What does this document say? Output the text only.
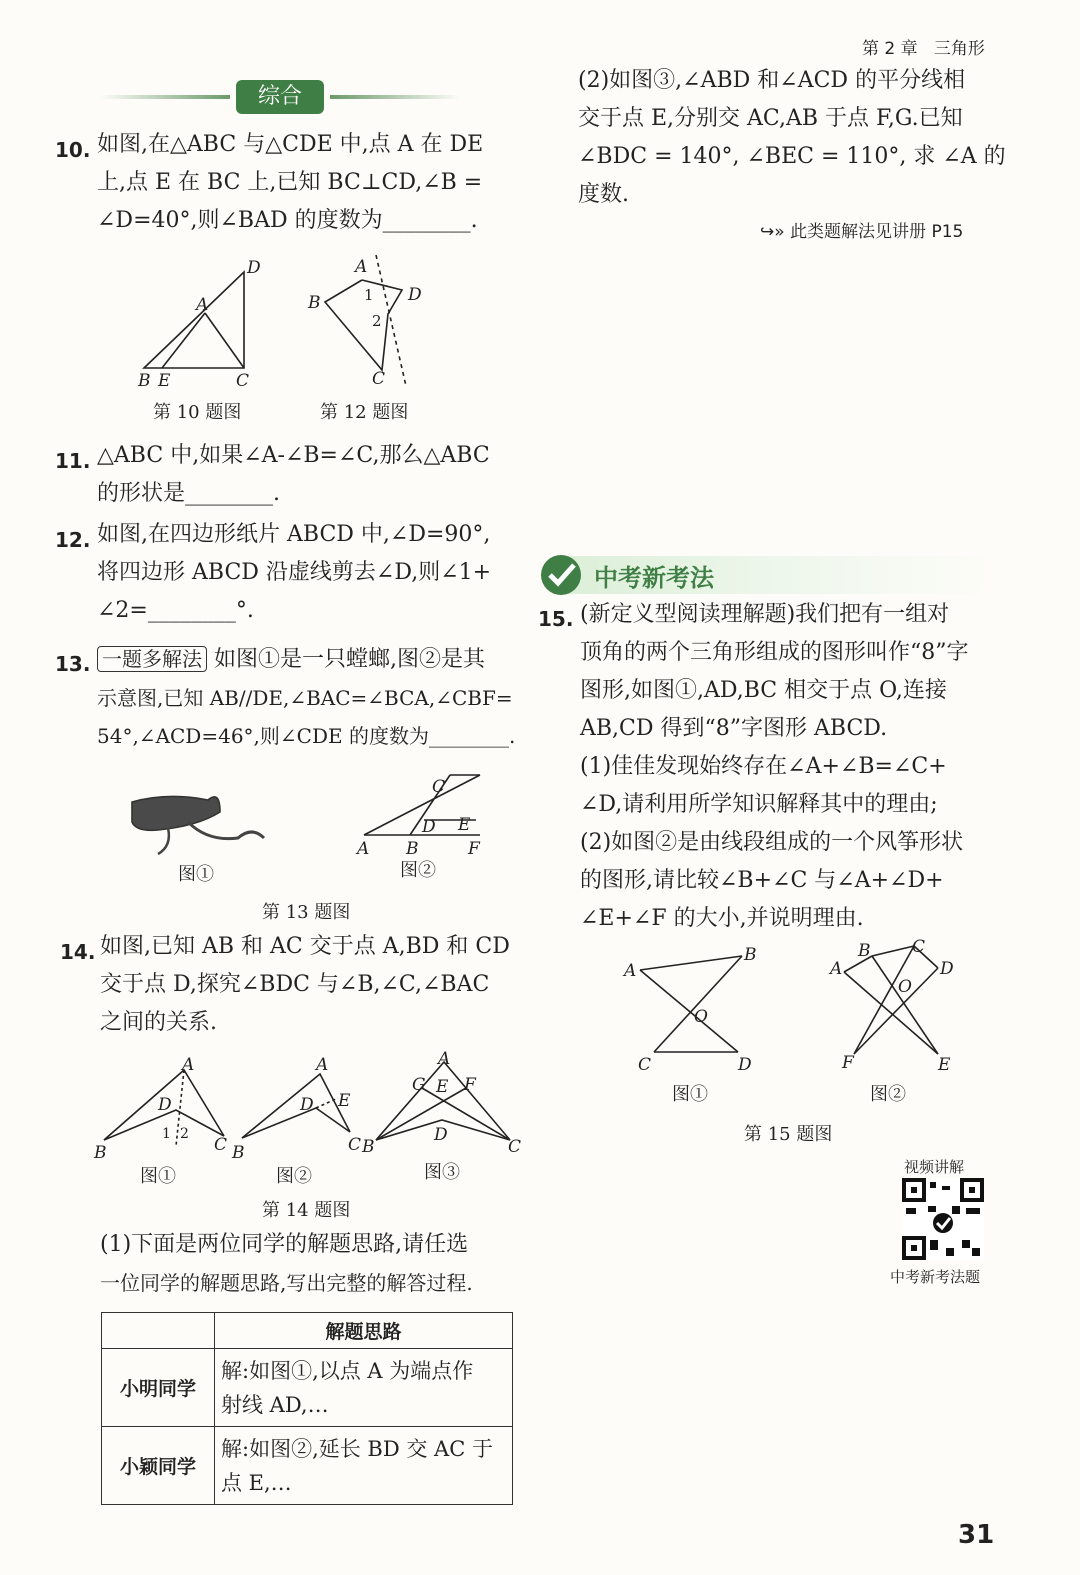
第 2 章 三角形
综合
10. 如图,在△ABC 与△CDE 中,点 A 在 DE
上,点 E 在 BC 上,已知 BC⊥CD,∠B =
∠D=40°,则∠BAD 的度数为________.
D
A
B E	C
第 10 题图
A
B	D
C
1
2
第 12 题图
11. △ABC 中,如果∠A-∠B=∠C,那么△ABC
的形状是________.
12. 如图,在四边形纸片 ABCD 中,∠D=90°,
将四边形 ABCD 沿虚线剪去∠D,则∠1+
∠2=________°.
13. 一题多解法 如图①是一只螳螂,图②是其
示意图,已知 AB//DE,∠BAC=∠BCA,∠CBF=
54°,∠ACD=46°,则∠CDE 的度数为________.
图①
C
D E
A B	F
图②
第 13 题图
14. 如图,已知 AB 和 AC 交于点 A,BD 和 CD
交于点 D,探究∠BDC 与∠B,∠C,∠BAC
之间的关系.
A
D
B	C
1 2
图①
A
D E
B	C
图②
A
G E F
D
B	C
图③
第 14 题图
(1)下面是两位同学的解题思路,请任选
一位同学的解题思路,写出完整的解答过程.
	解题思路
小明同学	解:如图①,以点 A 为端点作
射线 AD,…

小颖同学	解:如图②,延长 BD 交 AC 于
点 E,…
(2)如图③,∠ABD 和∠ACD 的平分线相
交于点 E,分别交 AC,AB 于点 F,G.已知
∠BDC = 140°, ∠BEC = 110°, 求 ∠A 的
度数.
↪» 此类题解法见讲册 P15
中考新考法
15. (新定义型阅读理解题)我们把有一组对
顶角的两个三角形组成的图形叫作“8”字
图形,如图①,AD,BC 相交于点 O,连接
AB,CD 得到“8”字图形 ABCD.
(1)佳佳发现始终存在∠A+∠B=∠C+
∠D,请利用所学知识解释其中的理由;
(2)如图②是由线段组成的一个风筝形状
的图形,请比较∠B+∠C 与∠A+∠D+
∠E+∠F 的大小,并说明理由.
A
B
O
C	D
图①
A
B C
D
O
F	E
图②
第 15 题图
视频讲解
中考新考法题
31
